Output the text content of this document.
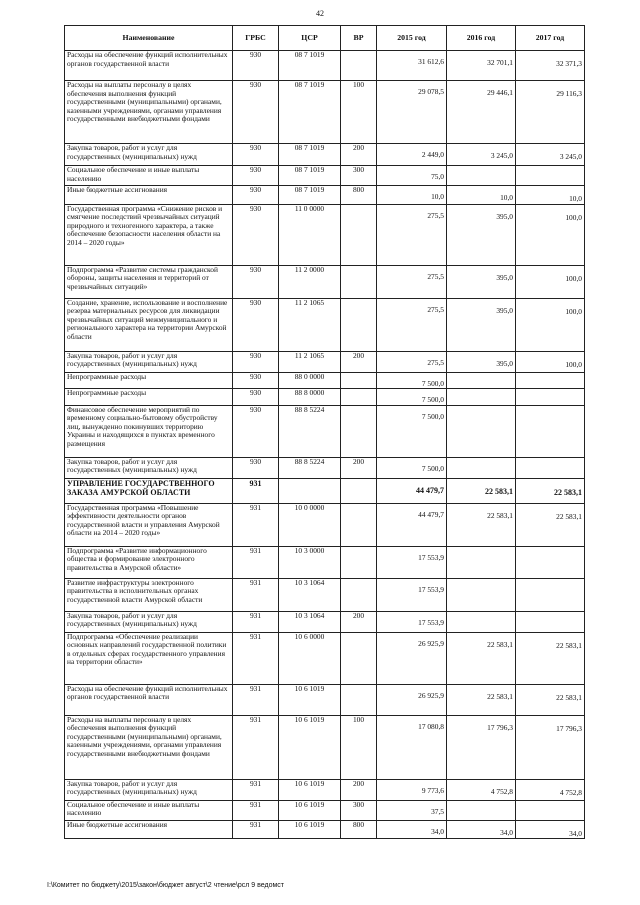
42
Наименование	ГРБС	ЦСР	ВР	2015 год	2016 год	2017 год
Расходы на обеспечение функций исполнительных органов государственной власти	930	08 7 1019		31 612,6	32 701,1	32 371,3
Расходы на выплаты персоналу в целях обеспечения выполнения функций государственными (муниципальными) органами, казенными учреждениями, органами управления государственными внебюджетными фондами	930	08 7 1019	100	29 078,5	29 446,1	29 116,3
Закупка товаров, работ и услуг для государственных (муниципальных) нужд	930	08 7 1019	200	2 449,0	3 245,0	3 245,0
Социальное обеспечение и иные выплаты населению	930	08 7 1019	300	75,0		
Иные бюджетные ассигнования	930	08 7 1019	800	10,0	10,0	10,0
Государственная программа «Снижение рисков и смягчение последствий чрезвычайных ситуаций природного и техногенного характера, а также обеспечение безопасности населения области на 2014 – 2020 годы»	930	11 0 0000		275,5	395,0	100,0
Подпрограмма «Развитие системы гражданской обороны, защиты населения и территорий от чрезвычайных ситуаций»	930	11 2 0000		275,5	395,0	100,0
Создание, хранение, использование и восполнение резерва материальных ресурсов для ликвидации чрезвычайных ситуаций межмуниципального и регионального характера на территории Амурской области	930	11 2 1065		275,5	395,0	100,0
Закупка товаров, работ и услуг для государственных (муниципальных) нужд	930	11 2 1065	200	275,5	395,0	100,0
Непрограммные расходы	930	88 0 0000		7 500,0		
Непрограммные расходы	930	88 8 0000		7 500,0		
Финансовое обеспечение мероприятий по временному социально-бытовому обустройству лиц, вынужденно покинувших территорию Украины и находящихся в пунктах временного размещения	930	88 8 5224		7 500,0		
Закупка товаров, работ и услуг для государственных (муниципальных) нужд	930	88 8 5224	200	7 500,0		
УПРАВЛЕНИЕ ГОСУДАРСТВЕННОГО ЗАКАЗА АМУРСКОЙ ОБЛАСТИ	931			44 479,7	22 583,1	22 583,1
Государственная программа «Повышение эффективности деятельности органов государственной власти и управления Амурской области на 2014 – 2020 годы»	931	10 0 0000		44 479,7	22 583,1	22 583,1
Подпрограмма «Развитие информационного общества и формирование электронного правительства в Амурской области»	931	10 3 0000		17 553,9		
Развитие инфраструктуры электронного правительства в исполнительных органах государственной власти Амурской области	931	10 3 1064		17 553,9		
Закупка товаров, работ и услуг для государственных (муниципальных) нужд	931	10 3 1064	200	17 553,9		
Подпрограмма «Обеспечение реализации основных направлений государственной политики в отдельных сферах государственного управления на территории области»	931	10 6 0000		26 925,9	22 583,1	22 583,1
Расходы на обеспечение функций исполнительных органов государственной власти	931	10 6 1019		26 925,9	22 583,1	22 583,1
Расходы на выплаты персоналу в целях обеспечения выполнения функций государственными (муниципальными) органами, казенными учреждениями, органами управления государственными внебюджетными фондами	931	10 6 1019	100	17 080,8	17 796,3	17 796,3
Закупка товаров, работ и услуг для государственных (муниципальных) нужд	931	10 6 1019	200	9 773,6	4 752,8	4 752,8
Социальное обеспечение и иные выплаты населению	931	10 6 1019	300	37,5		
Иные бюджетные ассигнования	931	10 6 1019	800	34,0	34,0	34,0
I:\Комитет по бюджету\2015\закон\бюджет август\2 чтение\рсл 9 ведомст
